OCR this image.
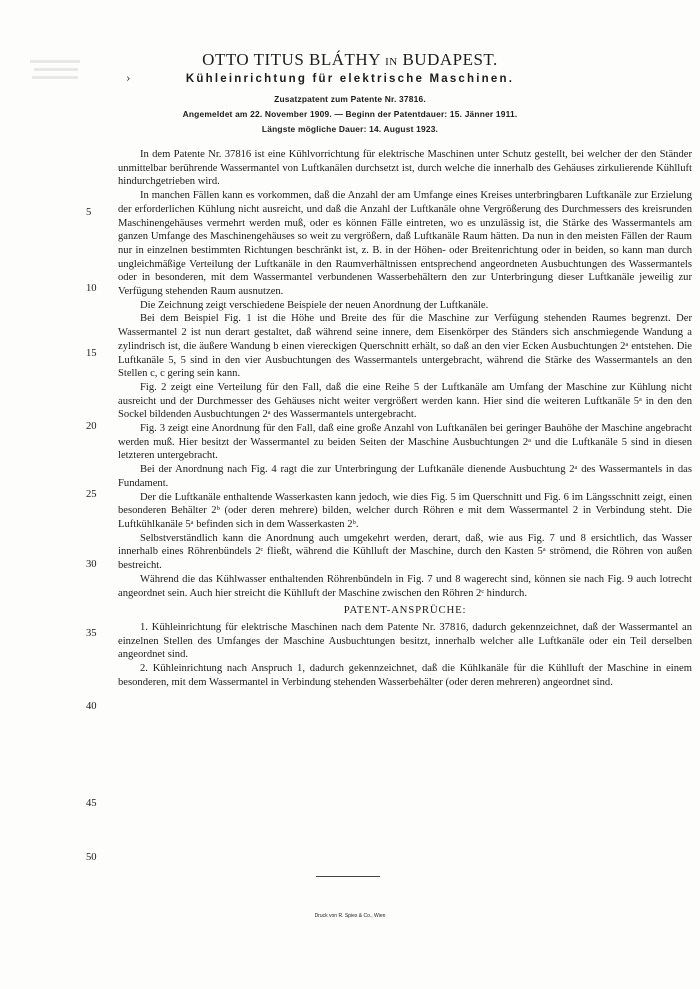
OTTO TITUS BLÁTHY IN BUDAPEST.
›	Kühleinrichtung für elektrische Maschinen.
Zusatzpatent zum Patente Nr. 37816.
Angemeldet am 22. November 1909. — Beginn der Patentdauer: 15. Jänner 1911.
Längste mögliche Dauer: 14. August 1923.
5
10
15
20
25
30
35
40
45
50

In dem Patente Nr. 37816 ist eine Kühlvorrichtung für elektrische Maschinen unter Schutz gestellt, bei welcher der den Ständer unmittelbar berührende Wassermantel von Luftkanälen durchsetzt ist, durch welche die innerhalb des Gehäuses zirkulierende Kühlluft hindurchgetrieben wird.

In manchen Fällen kann es vorkommen, daß die Anzahl der am Umfange eines Kreises unterbringbaren Luftkanäle zur Erzielung der erforderlichen Kühlung nicht ausreicht, und daß die Anzahl der Luftkanäle ohne Vergrößerung des Durchmessers des kreisrunden Maschinengehäuses vermehrt werden muß, oder es können Fälle eintreten, wo es unzulässig ist, die Stärke des Wassermantels am ganzen Umfange des Maschinengehäuses so weit zu vergrößern, daß Luftkanäle Raum hätten. Da nun in den meisten Fällen der Raum nur in einzelnen bestimmten Richtungen beschränkt ist, z. B. in der Höhen- oder Breitenrichtung oder in beiden, so kann man durch ungleichmäßige Verteilung der Luftkanäle in den Raumverhältnissen entsprechend angeordneten Ausbuchtungen des Wassermantels oder in besonderen, mit dem Wassermantel verbundenen Wasserbehältern den zur Unterbringung dieser Luftkanäle jeweilig zur Verfügung stehenden Raum ausnutzen.

Die Zeichnung zeigt verschiedene Beispiele der neuen Anordnung der Luftkanäle.

Bei dem Beispiel Fig. 1 ist die Höhe und Breite des für die Maschine zur Verfügung stehenden Raumes begrenzt. Der Wassermantel 2 ist nun derart gestaltet, daß während seine innere, dem Eisenkörper des Ständers sich anschmiegende Wandung a zylindrisch ist, die äußere Wandung b einen viereckigen Querschnitt erhält, so daß an den vier Ecken Ausbuchtungen 2ᵃ entstehen. Die Luftkanäle 5, 5 sind in den vier Ausbuchtungen des Wassermantels untergebracht, während die Stärke des Wassermantels an den Stellen c, c gering sein kann.

Fig. 2 zeigt eine Verteilung für den Fall, daß die eine Reihe 5 der Luftkanäle am Umfang der Maschine zur Kühlung nicht ausreicht und der Durchmesser des Gehäuses nicht weiter vergrößert werden kann. Hier sind die weiteren Luftkanäle 5ᵃ in den den Sockel bildenden Ausbuchtungen 2ᵃ des Wassermantels untergebracht.

Fig. 3 zeigt eine Anordnung für den Fall, daß eine große Anzahl von Luftkanälen bei geringer Bauhöhe der Maschine angebracht werden muß. Hier besitzt der Wassermantel zu beiden Seiten der Maschine Ausbuchtungen 2ᵃ und die Luftkanäle 5 sind in diesen letzteren untergebracht.

Bei der Anordnung nach Fig. 4 ragt die zur Unterbringung der Luftkanäle dienende Ausbuchtung 2ᵃ des Wassermantels in das Fundament.

Der die Luftkanäle enthaltende Wasserkasten kann jedoch, wie dies Fig. 5 im Querschnitt und Fig. 6 im Längsschnitt zeigt, einen besonderen Behälter 2ᵇ (oder deren mehrere) bilden, welcher durch Röhren e mit dem Wassermantel 2 in Verbindung steht. Die Luftkühlkanäle 5ᵃ befinden sich in dem Wasserkasten 2ᵇ.

Selbstverständlich kann die Anordnung auch umgekehrt werden, derart, daß, wie aus Fig. 7 und 8 ersichtlich, das Wasser innerhalb eines Röhrenbündels 2ᶜ fließt, während die Kühlluft der Maschine, durch den Kasten 5ᵃ strömend, die Röhren von außen bestreicht.

Während die das Kühlwasser enthaltenden Röhrenbündeln in Fig. 7 und 8 wagerecht sind, können sie nach Fig. 9 auch lotrecht angeordnet sein. Auch hier streicht die Kühlluft der Maschine zwischen den Röhren 2ᶜ hindurch.

PATENT-ANSPRÜCHE:

1. Kühleinrichtung für elektrische Maschinen nach dem Patente Nr. 37816, dadurch gekennzeichnet, daß der Wassermantel an einzelnen Stellen des Umfanges der Maschine Ausbuchtungen besitzt, innerhalb welcher alle Luftkanäle oder ein Teil derselben angeordnet sind.

2. Kühleinrichtung nach Anspruch 1, dadurch gekennzeichnet, daß die Kühlkanäle für die Kühlluft der Maschine in einem besonderen, mit dem Wassermantel in Verbindung stehenden Wasserbehälter (oder deren mehreren) angeordnet sind.

Druck von R. Spies & Co., Wien
